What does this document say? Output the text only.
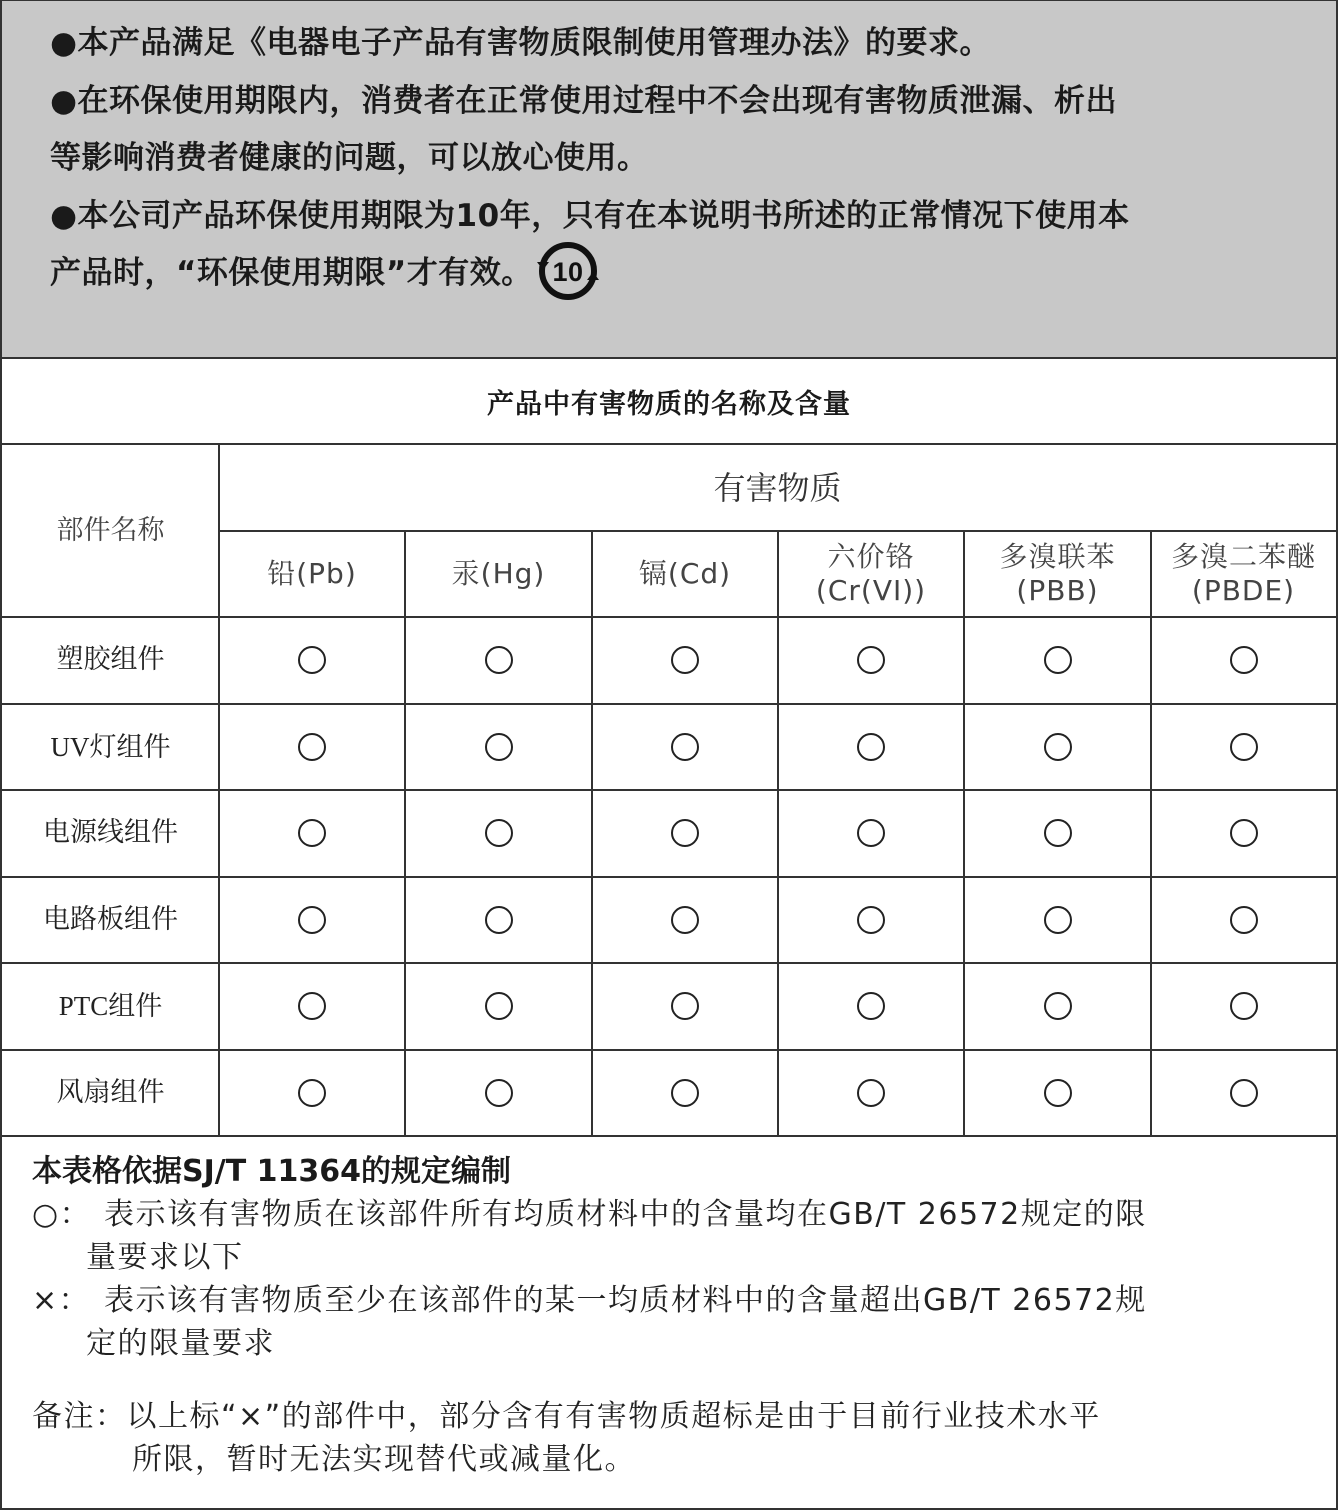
●本产品满足《电器电子产品有害物质限制使用管理办法》的要求。

●在环保使用期限内，消费者在正常使用过程中不会出现有害物质泄漏、析出

等影响消费者健康的问题，可以放心使用。

●本公司产品环保使用期限为10年，只有在本说明书所述的正常情况下使用本

产品时，“环保使用期限”才有效。 10

产品中有害物质的名称及含量
部件名称
有害物质
铅(Pb)	汞(Hg)	镉(Cd)
六价铬
(Cr(VI))
多溴联苯
(PBB)
多溴二苯醚
(PBDE)
塑胶组件
UV灯组件
电源线组件
电路板组件
PTC组件
风扇组件
本表格依据SJ/T 11364的规定编制
○： 表示该有害物质在该部件所有均质材料中的含量均在GB/T 26572规定的限
量要求以下
×： 表示该有害物质至少在该部件的某一均质材料中的含量超出GB/T 26572规
定的限量要求
备注：以上标“×”的部件中，部分含有有害物质超标是由于目前行业技术水平
所限，暂时无法实现替代或减量化。
